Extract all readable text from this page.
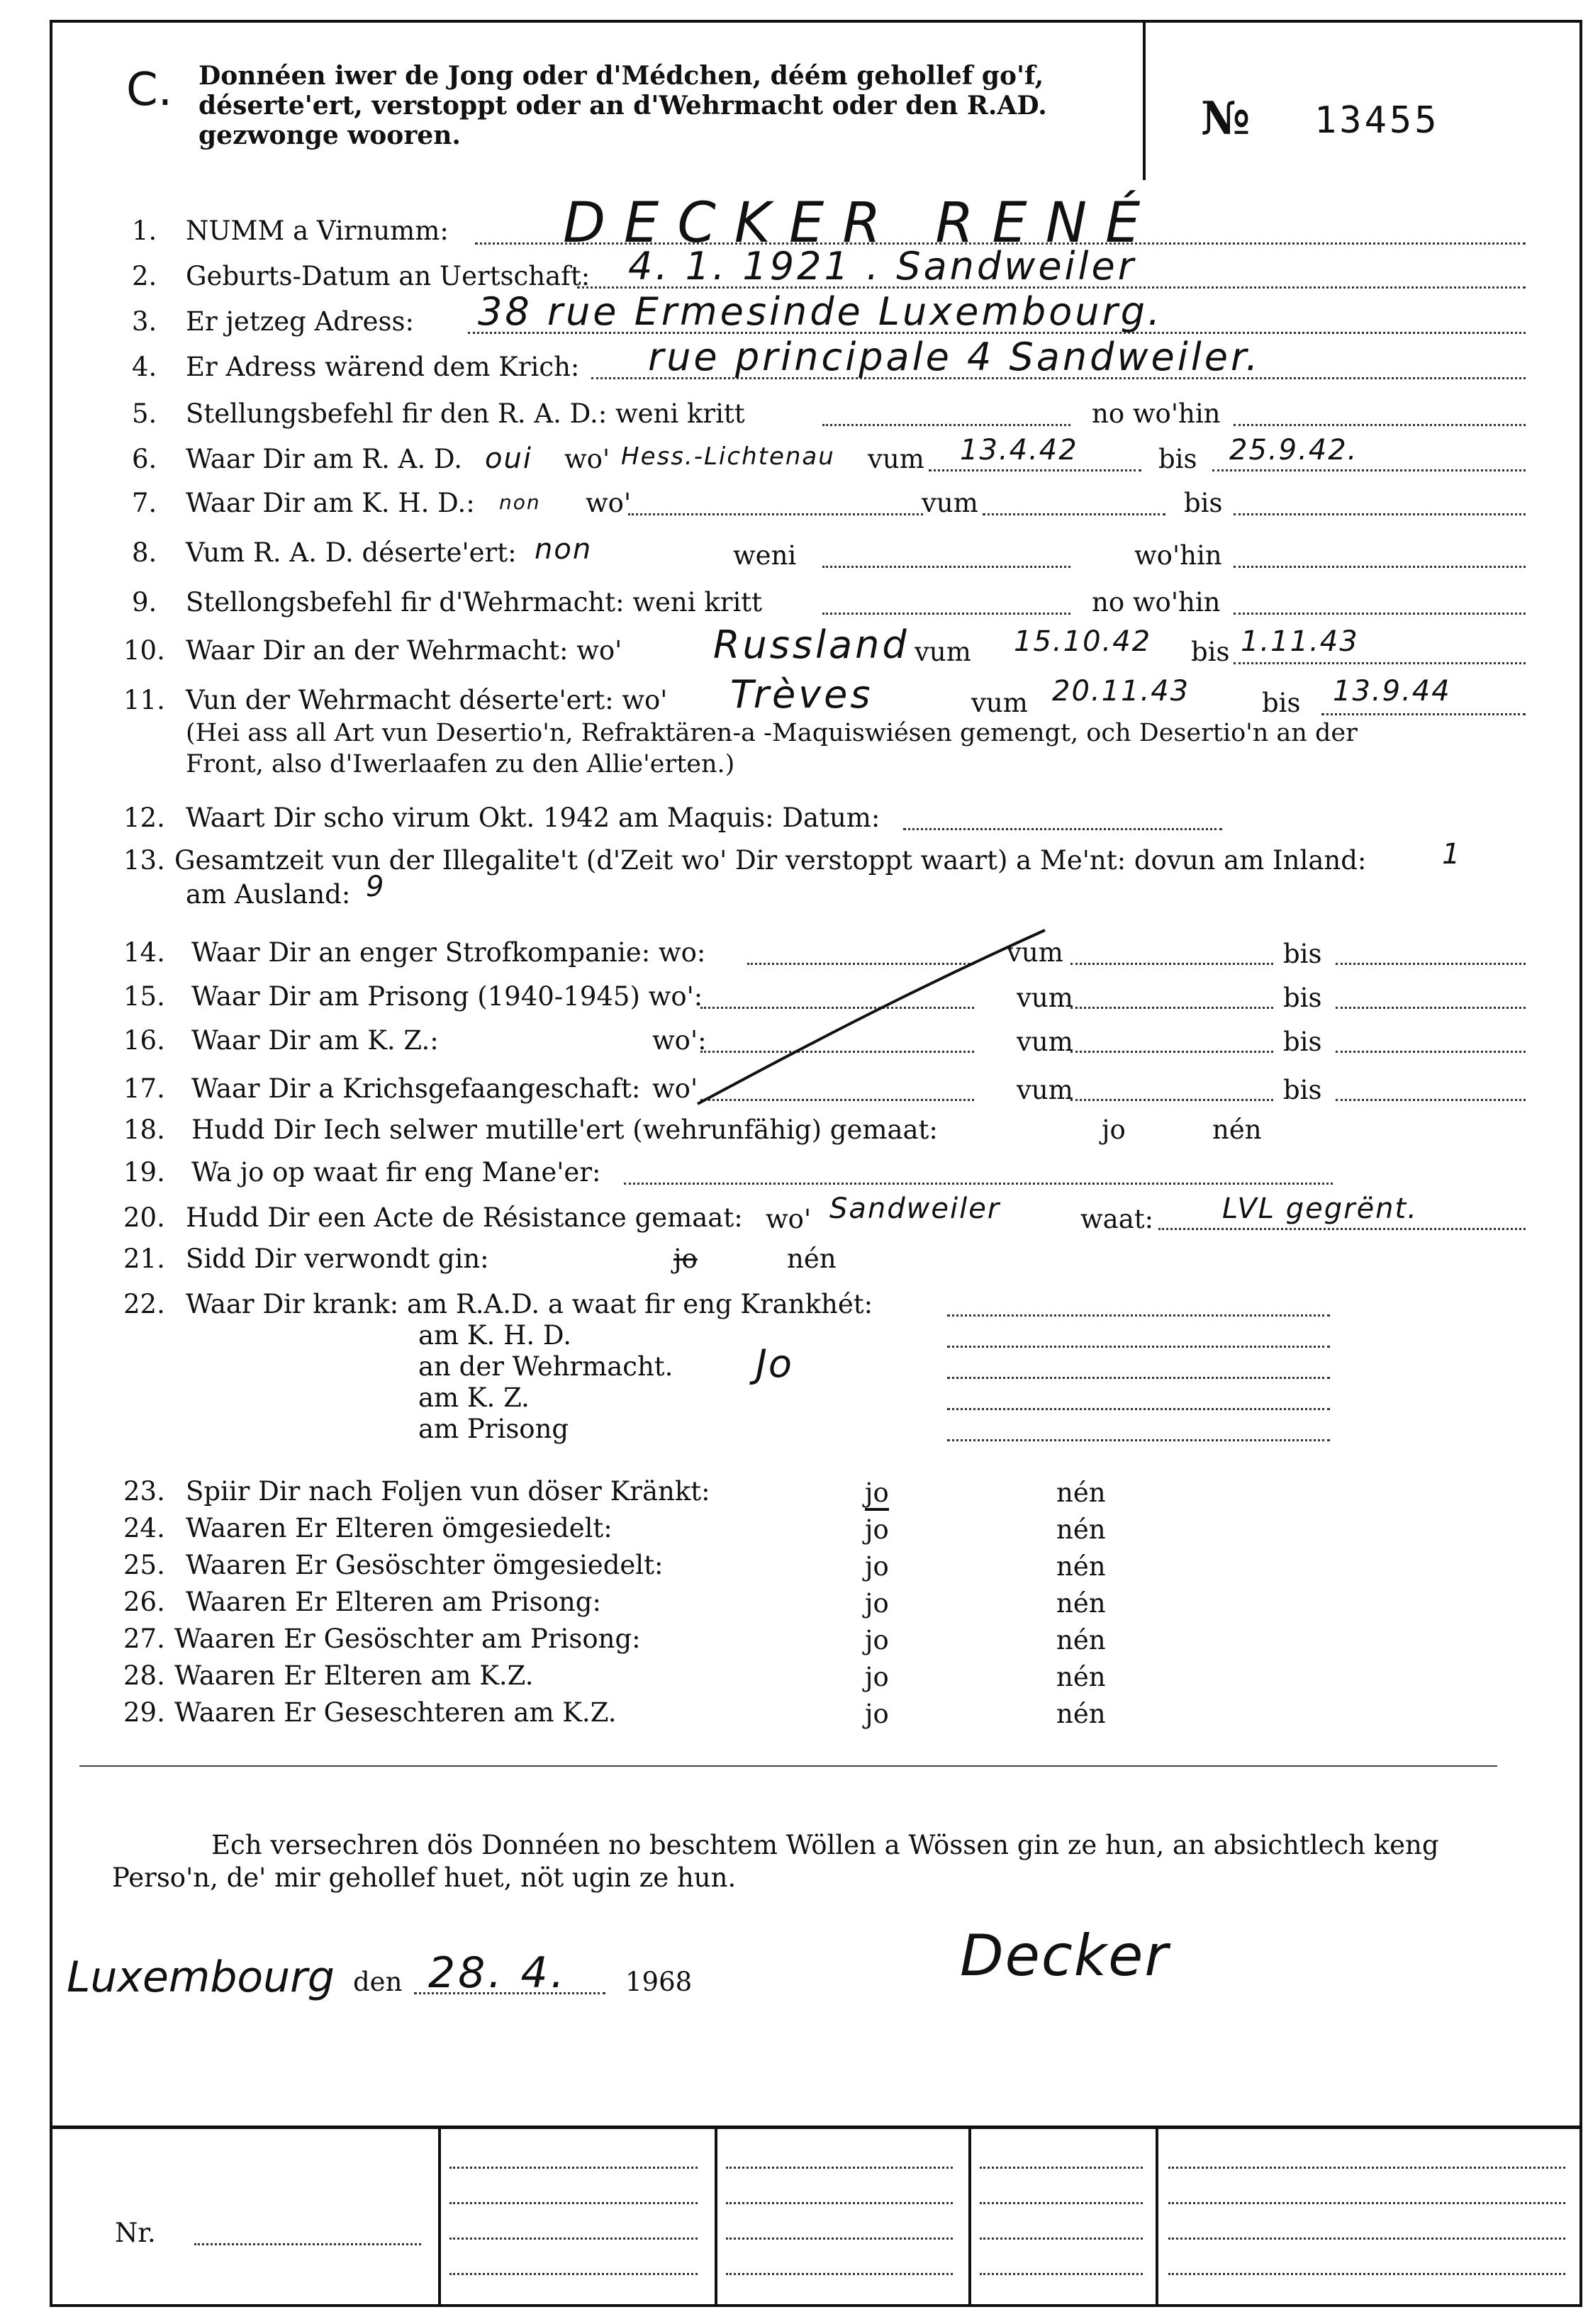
C. Donnéen iwer de Jong oder d'Médchen, déém gehollef go'f, déserte'ert, verstoppt oder an d'Wehrmacht oder den R.AD. gezwonge wooren.	№ 13455
1. NUMM a Virnumm: DECKER RENÉ
2. Geburts-Datum an Uertschaft: 4. 1. 1921 . Sandweiler
3. Er jetzeg Adress: 38 rue Ermesinde Luxembourg.
4. Er Adress wärend dem Krich: rue principale 4 Sandweiler.
5. Stellungsbefehl fir den R. A. D.: weni kritt	no wo'hin
6. Waar Dir am R. A. D. oui wo' Hess.-Lichtenau vum 13.4.42	bis 25.9.42.
7. Waar Dir am K. H. D.: non wo'	vum	bis
8. Vum R. A. D. déserte'ert: non	weni	wo'hin
9. Stellongsbefehl fir d'Wehrmacht: weni kritt	no wo'hin
10. Waar Dir an der Wehrmacht: wo' Russland vum 15.10.42 bis 1.11.43
11. Vun der Wehrmacht déserte'ert: wo' Trèves	vum 20.11.43	bis 13.9.44
(Hei ass all Art vun Desertio'n, Refraktären-a -Maquiswiésen gemengt, och Desertio'n an der
Front, also d'Iwerlaafen zu den Allie'erten.)
12. Waart Dir scho virum Okt. 1942 am Maquis: Datum:
13. Gesamtzeit vun der Illegalite't (d'Zeit wo' Dir verstoppt waart) a Me'nt: dovun am Inland:	1
am Ausland: 9
14. Waar Dir an enger Strofkompanie: wo:	vum	bis
15. Waar Dir am Prisong (1940-1945) wo':	vum	bis
16. Waar Dir am K. Z.:	wo':	vum	bis
17. Waar Dir a Krichsgefaangeschaft: wo'	vum	bis
18. Hudd Dir Iech selwer mutille'ert (wehrunfähig) gemaat:	jo	nén
19. Wa jo op waat fir eng Mane'er:
20. Hudd Dir een Acte de Résistance gemaat: wo' Sandweiler	waat: LVL gegrënt.
21. Sidd Dir verwondt gin:	jo	nén
22. Waar Dir krank: am R.A.D. a waat fir eng Krankhét:
am K. H. D.
an der Wehrmacht.
am K. Z.
am Prisong
Jo
23. Spiir Dir nach Foljen vun döser Kränkt:	jo	nén
24. Waaren Er Elteren ömgesiedelt:	jo	nén
25. Waaren Er Gesöschter ömgesiedelt:	jo	nén
26. Waaren Er Elteren am Prisong:	jo	nén
27. Waaren Er Gesöschter am Prisong:	jo	nén
28. Waaren Er Elteren am K.Z.	jo	nén
29. Waaren Er Geseschteren am K.Z.	jo	nén
Ech versechren dös Donnéen no beschtem Wöllen a Wössen gin ze hun, an absichtlech keng Perso'n, de' mir gehollef huet, nöt ugin ze hun.
Luxembourg den 28. 4. 1968	Decker
Nr.
